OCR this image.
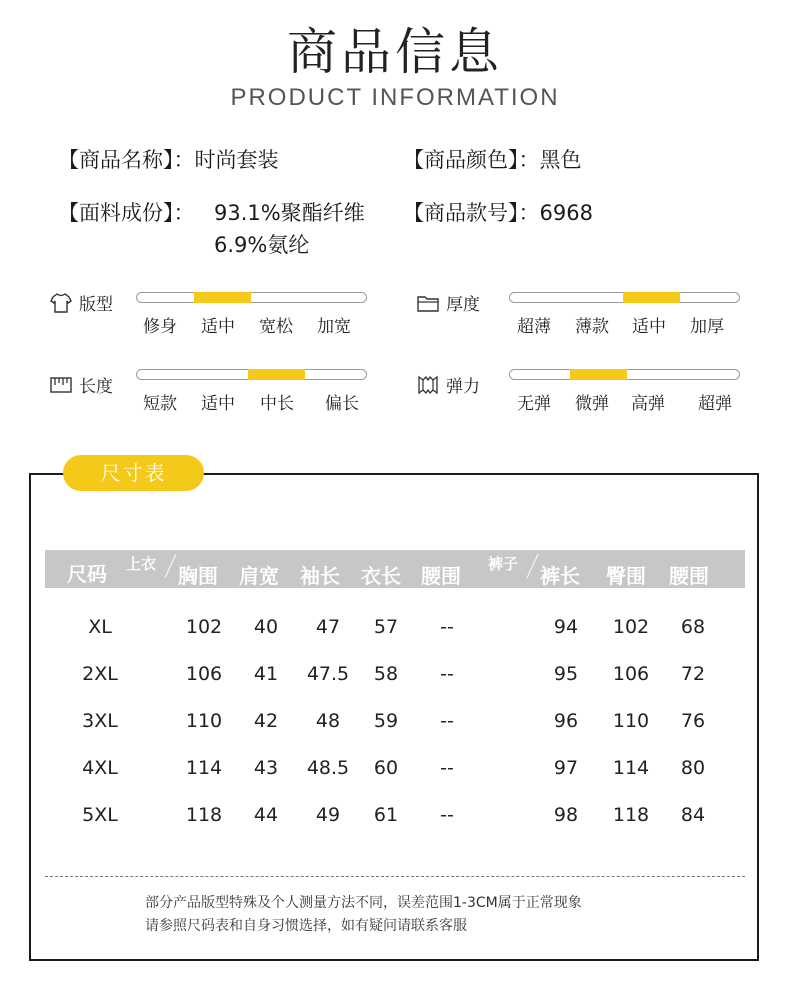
商品信息
PRODUCT INFORMATION
【商品名称】：时尚套装	【商品颜色】：黑色
【面料成份】： 93.1%聚酯纤维
6.9%氨纶
【商品款号】：6968
版型
修身 适中 宽松 加宽
厚度
超薄 薄款 适中 加厚
长度
短款 适中 中长 偏长
弹力
无弹 微弹 高弹 超弹
尺寸表
尺码 上衣 胸围 肩宽 袖长 衣长 腰围 裤子 裤长 臀围 腰围
XL	102	40	47	57	--	94	102	68
2XL	106	41	47.5	58	--	95	106	72
3XL	110	42	48	59	--	96	110	76
4XL	114	43	48.5	60	--	97	114	80
5XL	118	44	49	61	--	98	118	84
部分产品版型特殊及个人测量方法不同，误差范围1-3CM属于正常现象
请参照尺码表和自身习惯选择，如有疑问请联系客服
